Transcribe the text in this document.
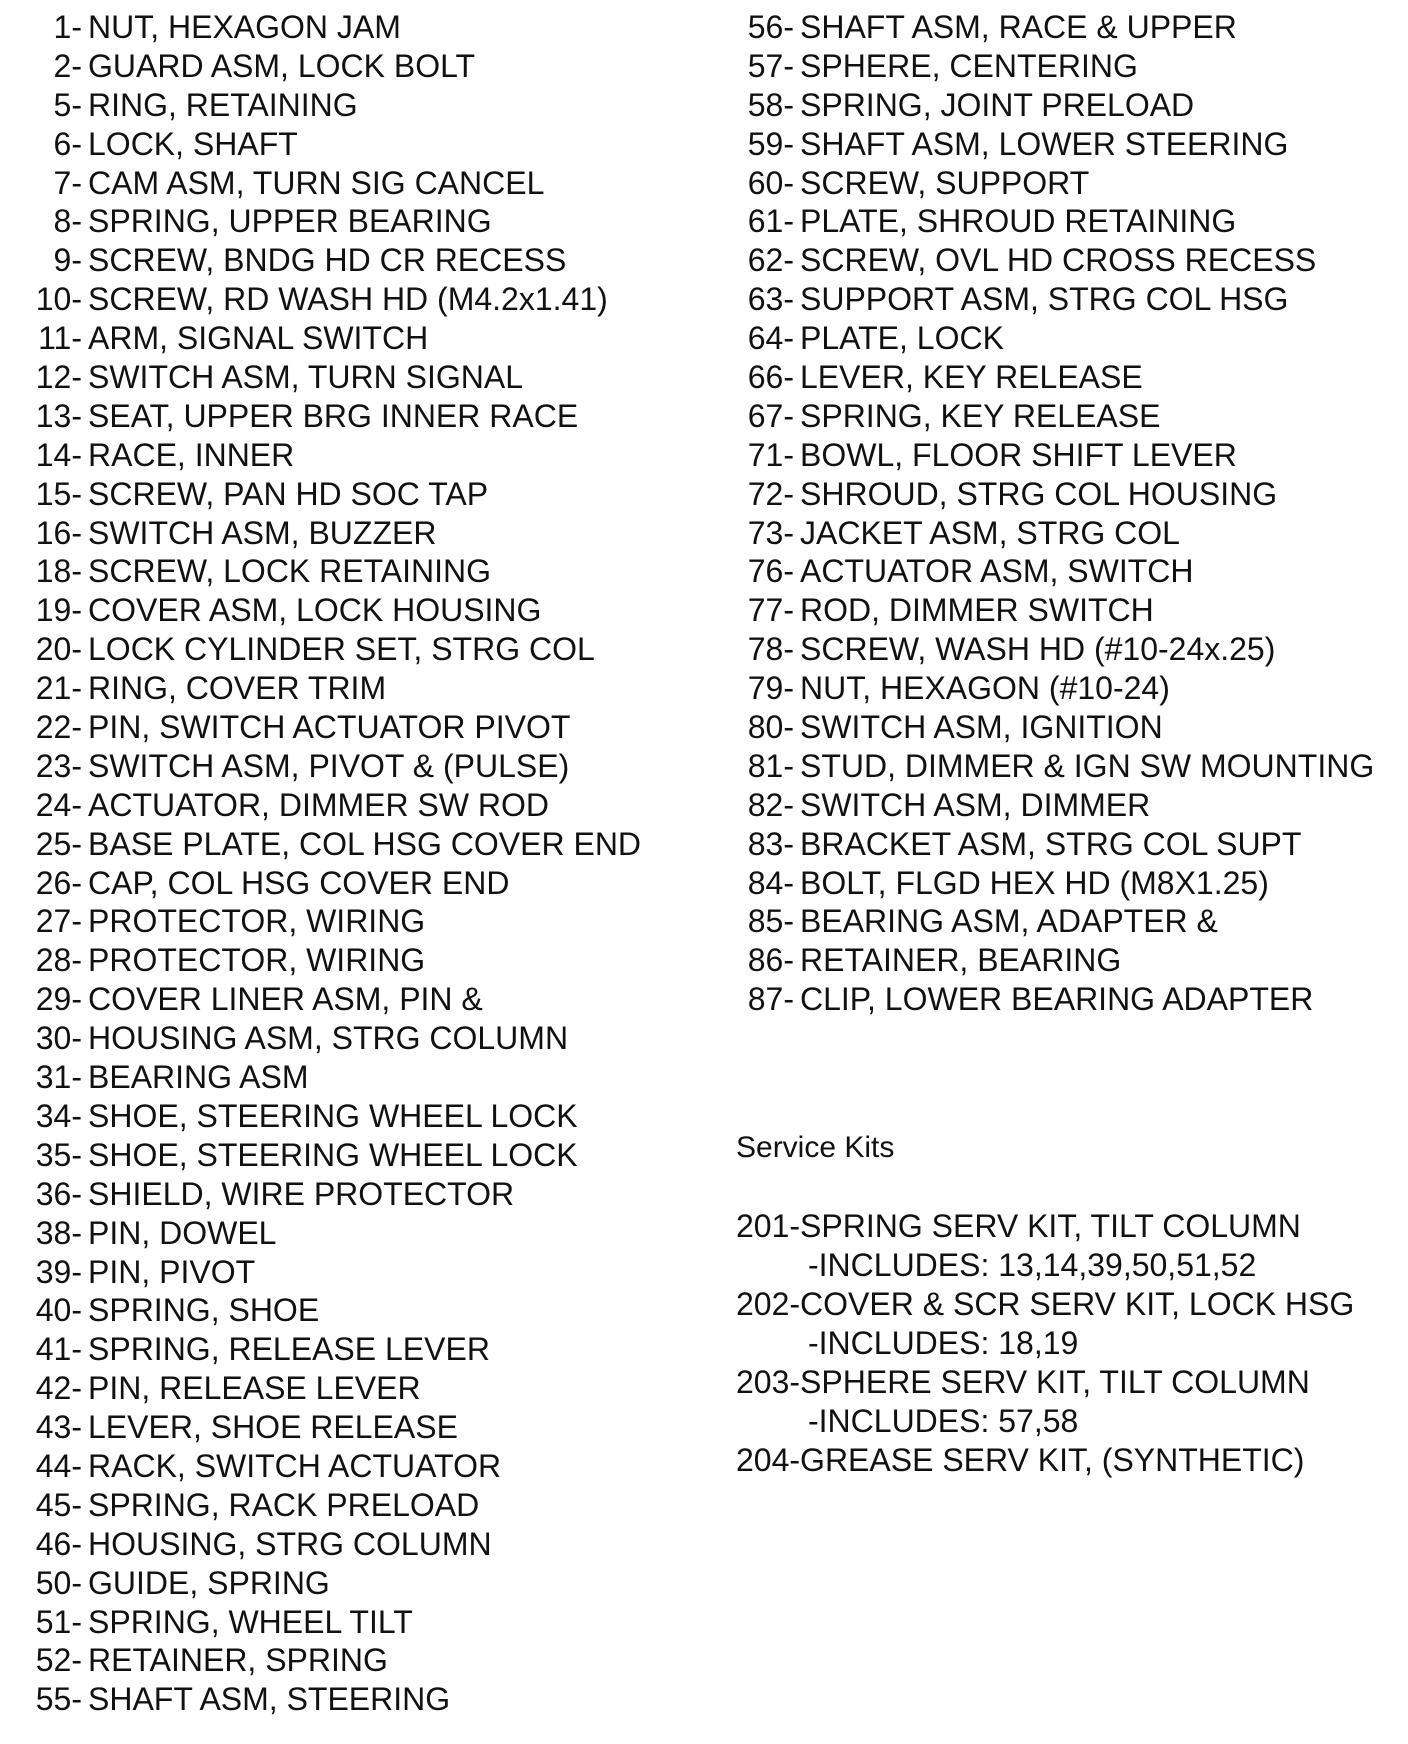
1- NUT, HEXAGON JAM
2- GUARD ASM, LOCK BOLT
5- RING, RETAINING
6- LOCK, SHAFT
7- CAM ASM, TURN SIG CANCEL
8- SPRING, UPPER BEARING
9- SCREW, BNDG HD CR RECESS
10- SCREW, RD WASH HD (M4.2x1.41)
11- ARM, SIGNAL SWITCH
12- SWITCH ASM, TURN SIGNAL
13- SEAT, UPPER BRG INNER RACE
14- RACE, INNER
15- SCREW, PAN HD SOC TAP
16- SWITCH ASM, BUZZER
18- SCREW, LOCK RETAINING
19- COVER ASM, LOCK HOUSING
20- LOCK CYLINDER SET, STRG COL
21- RING, COVER TRIM
22- PIN, SWITCH ACTUATOR PIVOT
23- SWITCH ASM, PIVOT & (PULSE)
24- ACTUATOR, DIMMER SW ROD
25- BASE PLATE, COL HSG COVER END
26- CAP, COL HSG COVER END
27- PROTECTOR, WIRING
28- PROTECTOR, WIRING
29- COVER LINER ASM, PIN &
30- HOUSING ASM, STRG COLUMN
31- BEARING ASM
34- SHOE, STEERING WHEEL LOCK
35- SHOE, STEERING WHEEL LOCK
36- SHIELD, WIRE PROTECTOR
38- PIN, DOWEL
39- PIN, PIVOT
40- SPRING, SHOE
41- SPRING, RELEASE LEVER
42- PIN, RELEASE LEVER
43- LEVER, SHOE RELEASE
44- RACK, SWITCH ACTUATOR
45- SPRING, RACK PRELOAD
46- HOUSING, STRG COLUMN
50- GUIDE, SPRING
51- SPRING, WHEEL TILT
52- RETAINER, SPRING
55- SHAFT ASM, STEERING
56- SHAFT ASM, RACE & UPPER
57- SPHERE, CENTERING
58- SPRING, JOINT PRELOAD
59- SHAFT ASM, LOWER STEERING
60- SCREW, SUPPORT
61- PLATE, SHROUD RETAINING
62- SCREW, OVL HD CROSS RECESS
63- SUPPORT ASM, STRG COL HSG
64- PLATE, LOCK
66- LEVER, KEY RELEASE
67- SPRING, KEY RELEASE
71- BOWL, FLOOR SHIFT LEVER
72- SHROUD, STRG COL HOUSING
73- JACKET ASM, STRG COL
76- ACTUATOR ASM, SWITCH
77- ROD, DIMMER SWITCH
78- SCREW, WASH HD (#10-24x.25)
79- NUT, HEXAGON (#10-24)
80- SWITCH ASM, IGNITION
81- STUD, DIMMER & IGN SW MOUNTING
82- SWITCH ASM, DIMMER
83- BRACKET ASM, STRG COL SUPT
84- BOLT, FLGD HEX HD (M8X1.25)
85- BEARING ASM, ADAPTER &
86- RETAINER, BEARING
87- CLIP, LOWER BEARING ADAPTER
Service Kits
201-SPRING SERV KIT, TILT COLUMN
-INCLUDES: 13,14,39,50,51,52
202-COVER & SCR SERV KIT, LOCK HSG
-INCLUDES: 18,19
203-SPHERE SERV KIT, TILT COLUMN
-INCLUDES: 57,58
204-GREASE SERV KIT, (SYNTHETIC)
